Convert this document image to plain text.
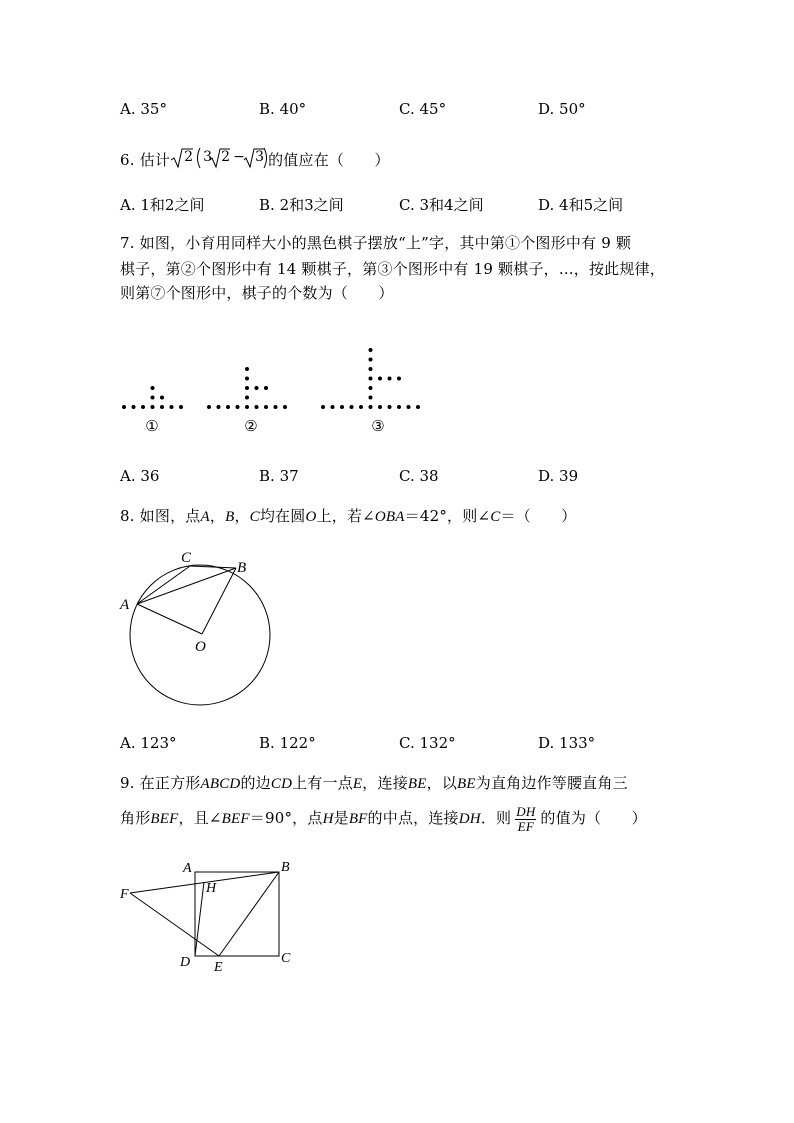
A. 35°	B. 40°	C. 45°	D. 50°
6. 估计 2 3 2 − 3 的值应在（　　）
A. 1和2之间	B. 2和3之间	C. 3和4之间	D. 4和5之间
7. 如图，小育用同样大小的黑色棋子摆放“上”字，其中第①个图形中有 9 颗
棋子，第②个图形中有 14 颗棋子，第③个图形中有 19 颗棋子，...，按此规律，
则第⑦个图形中，棋子的个数为（　　）
①	②	③
A. 36	B. 37	C. 38	D. 39
8. 如图，点A，B，C均在圆O上，若∠OBA＝42°，则∠C＝（　　）
C
B
A
O
A. 123°	B. 122°	C. 132°	D. 133°
9. 在正方形ABCD的边CD上有一点E，连接BE，以BE为直角边作等腰直角三
角形BEF，且∠BEF＝90°，点H是BF的中点，连接DH．则 $\frac{DH}{EF}$ 的值为（　　）
A	B
F	H
D E
C
